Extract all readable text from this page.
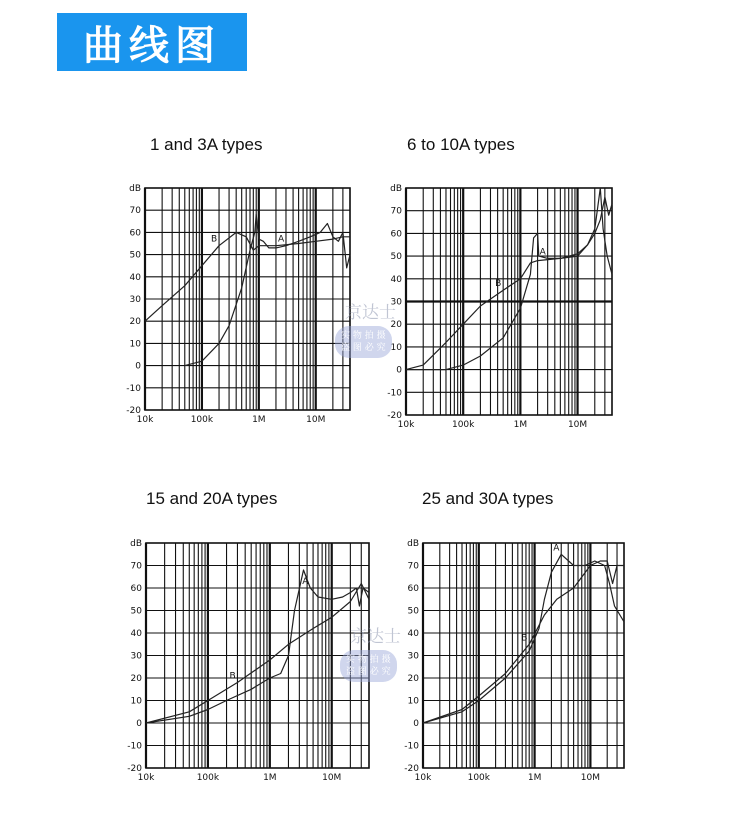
曲线图
1 and 3A types	6 to 10A types
15 and 20A types	25 and 30A types
70
60
50
40
30
20
10
0
-10
-20
dB
10k	100k	1M	10M
A
B
70
60
50
40
30
20
10
0
-10
-20
dB
10k	100k	1M	10M
A
B
70
60
50
40
30
20
10
0
-10
-20
dB
10k	100k	1M	10M
A
B
70
60
50
40
30
20
10
0
-10
-20
dB
10k	100k	1M	10M
A
B
京达士
实 物 拍 摄
盗 图 必 究
京达士
实 物 拍 摄
盗 图 必 究
